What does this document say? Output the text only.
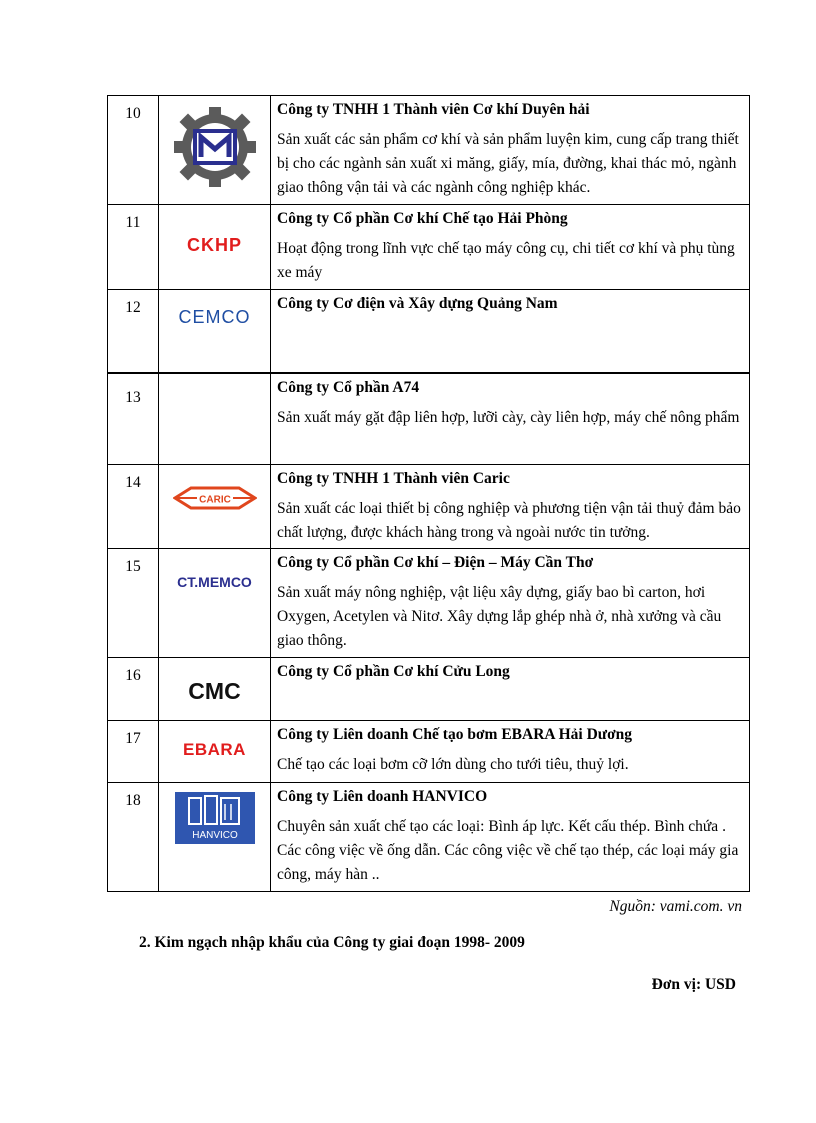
10		Công ty TNHH 1 Thành viên Cơ khí Duyên hải
Sản xuất các sản phẩm cơ khí và sản phẩm luyện kim, cung cấp trang thiết bị cho các ngành sản xuất xi măng, giấy, mía, đường, khai thác mỏ, ngành giao thông vận tải và các ngành công nghiệp khác.

11	CKHP	Công ty Cổ phần Cơ khí Chế tạo Hải Phòng
Hoạt động trong lĩnh vực chế tạo máy công cụ, chi tiết cơ khí và phụ tùng xe máy

12	CEMCO	Công ty Cơ điện và Xây dựng Quảng Nam

13		Công ty Cổ phần A74
Sản xuất máy gặt đập liên hợp, lưỡi cày, cày liên hợp, máy chế nông phẩm

14	CARIC	Công ty TNHH 1 Thành viên Caric
Sản xuất các loại thiết bị công nghiệp và phương tiện vận tải thuỷ đảm bảo chất lượng, được khách hàng trong và ngoài nước tin tưởng.

15	CT.MEMCO	Công ty Cổ phần Cơ khí – Điện – Máy Cần Thơ
Sản xuất máy nông nghiệp, vật liệu xây dựng, giấy bao bì carton, hơi Oxygen, Acetylen và Nitơ. Xây dựng lắp ghép nhà ở, nhà xưởng và cầu giao thông.

16	CMC	Công ty Cổ phần Cơ khí Cửu Long

17	EBARA	Công ty Liên doanh Chế tạo bơm EBARA Hải Dương
Chế tạo các loại bơm cỡ lớn dùng cho tưới tiêu, thuỷ lợi.

18	HANVICO	Công ty Liên doanh HANVICO
Chuyên sản xuất chế tạo các loại: Bình áp lực. Kết cấu thép. Bình chứa . Các công việc về ống dẫn. Các công việc về chế tạo thép, các loại máy gia công, máy hàn ..
Nguồn: vami.com. vn
2. Kim ngạch nhập khẩu của Công ty giai đoạn 1998- 2009
Đơn vị: USD
